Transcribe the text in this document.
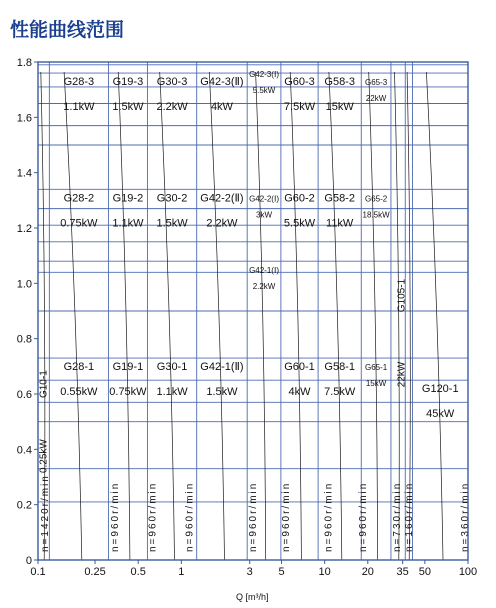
性能曲线范围
G10-1
0.25kW
G28-1
0.55kW
G28-2
0.75kW
G28-3
1.1kW
G19-1
0.75kW
G19-2
1.1kW
G19-3
1.5kW
G30-1
1.1kW
G30-2
1.5kW
G30-3
2.2kW
G42-1(Ⅱ)
1.5kW
G42-2(Ⅱ)
2.2kW
G42-3(Ⅱ)
4kW
G42-1(Ⅰ)
2.2kW
G42-2(Ⅰ)
3kW
G42-3(Ⅰ)
5.5kW
G60-1
4kW
G60-2
5.5kW
G60-3
7.5kW
G58-1
7.5kW
G58-2
11kW
G58-3
15kW
G65-1
15kW
G65-2
18.5kW
G65-3
22kW
G105-1
22kW
G120-1
45kW
n=1420r/min	n=960r/min	n=960r/min	n=960r/min	n=960r/min n=960r/min	n=960r/min n=960r/min n=730r/min n=160r/min	n=360r/min
0
0.2
0.4
0.6
0.8
1.0
1.2
1.4
1.6
1.8
0.1	0.25 0.5	1	3 5	10	20 35 50	100
Q [m³/h]
